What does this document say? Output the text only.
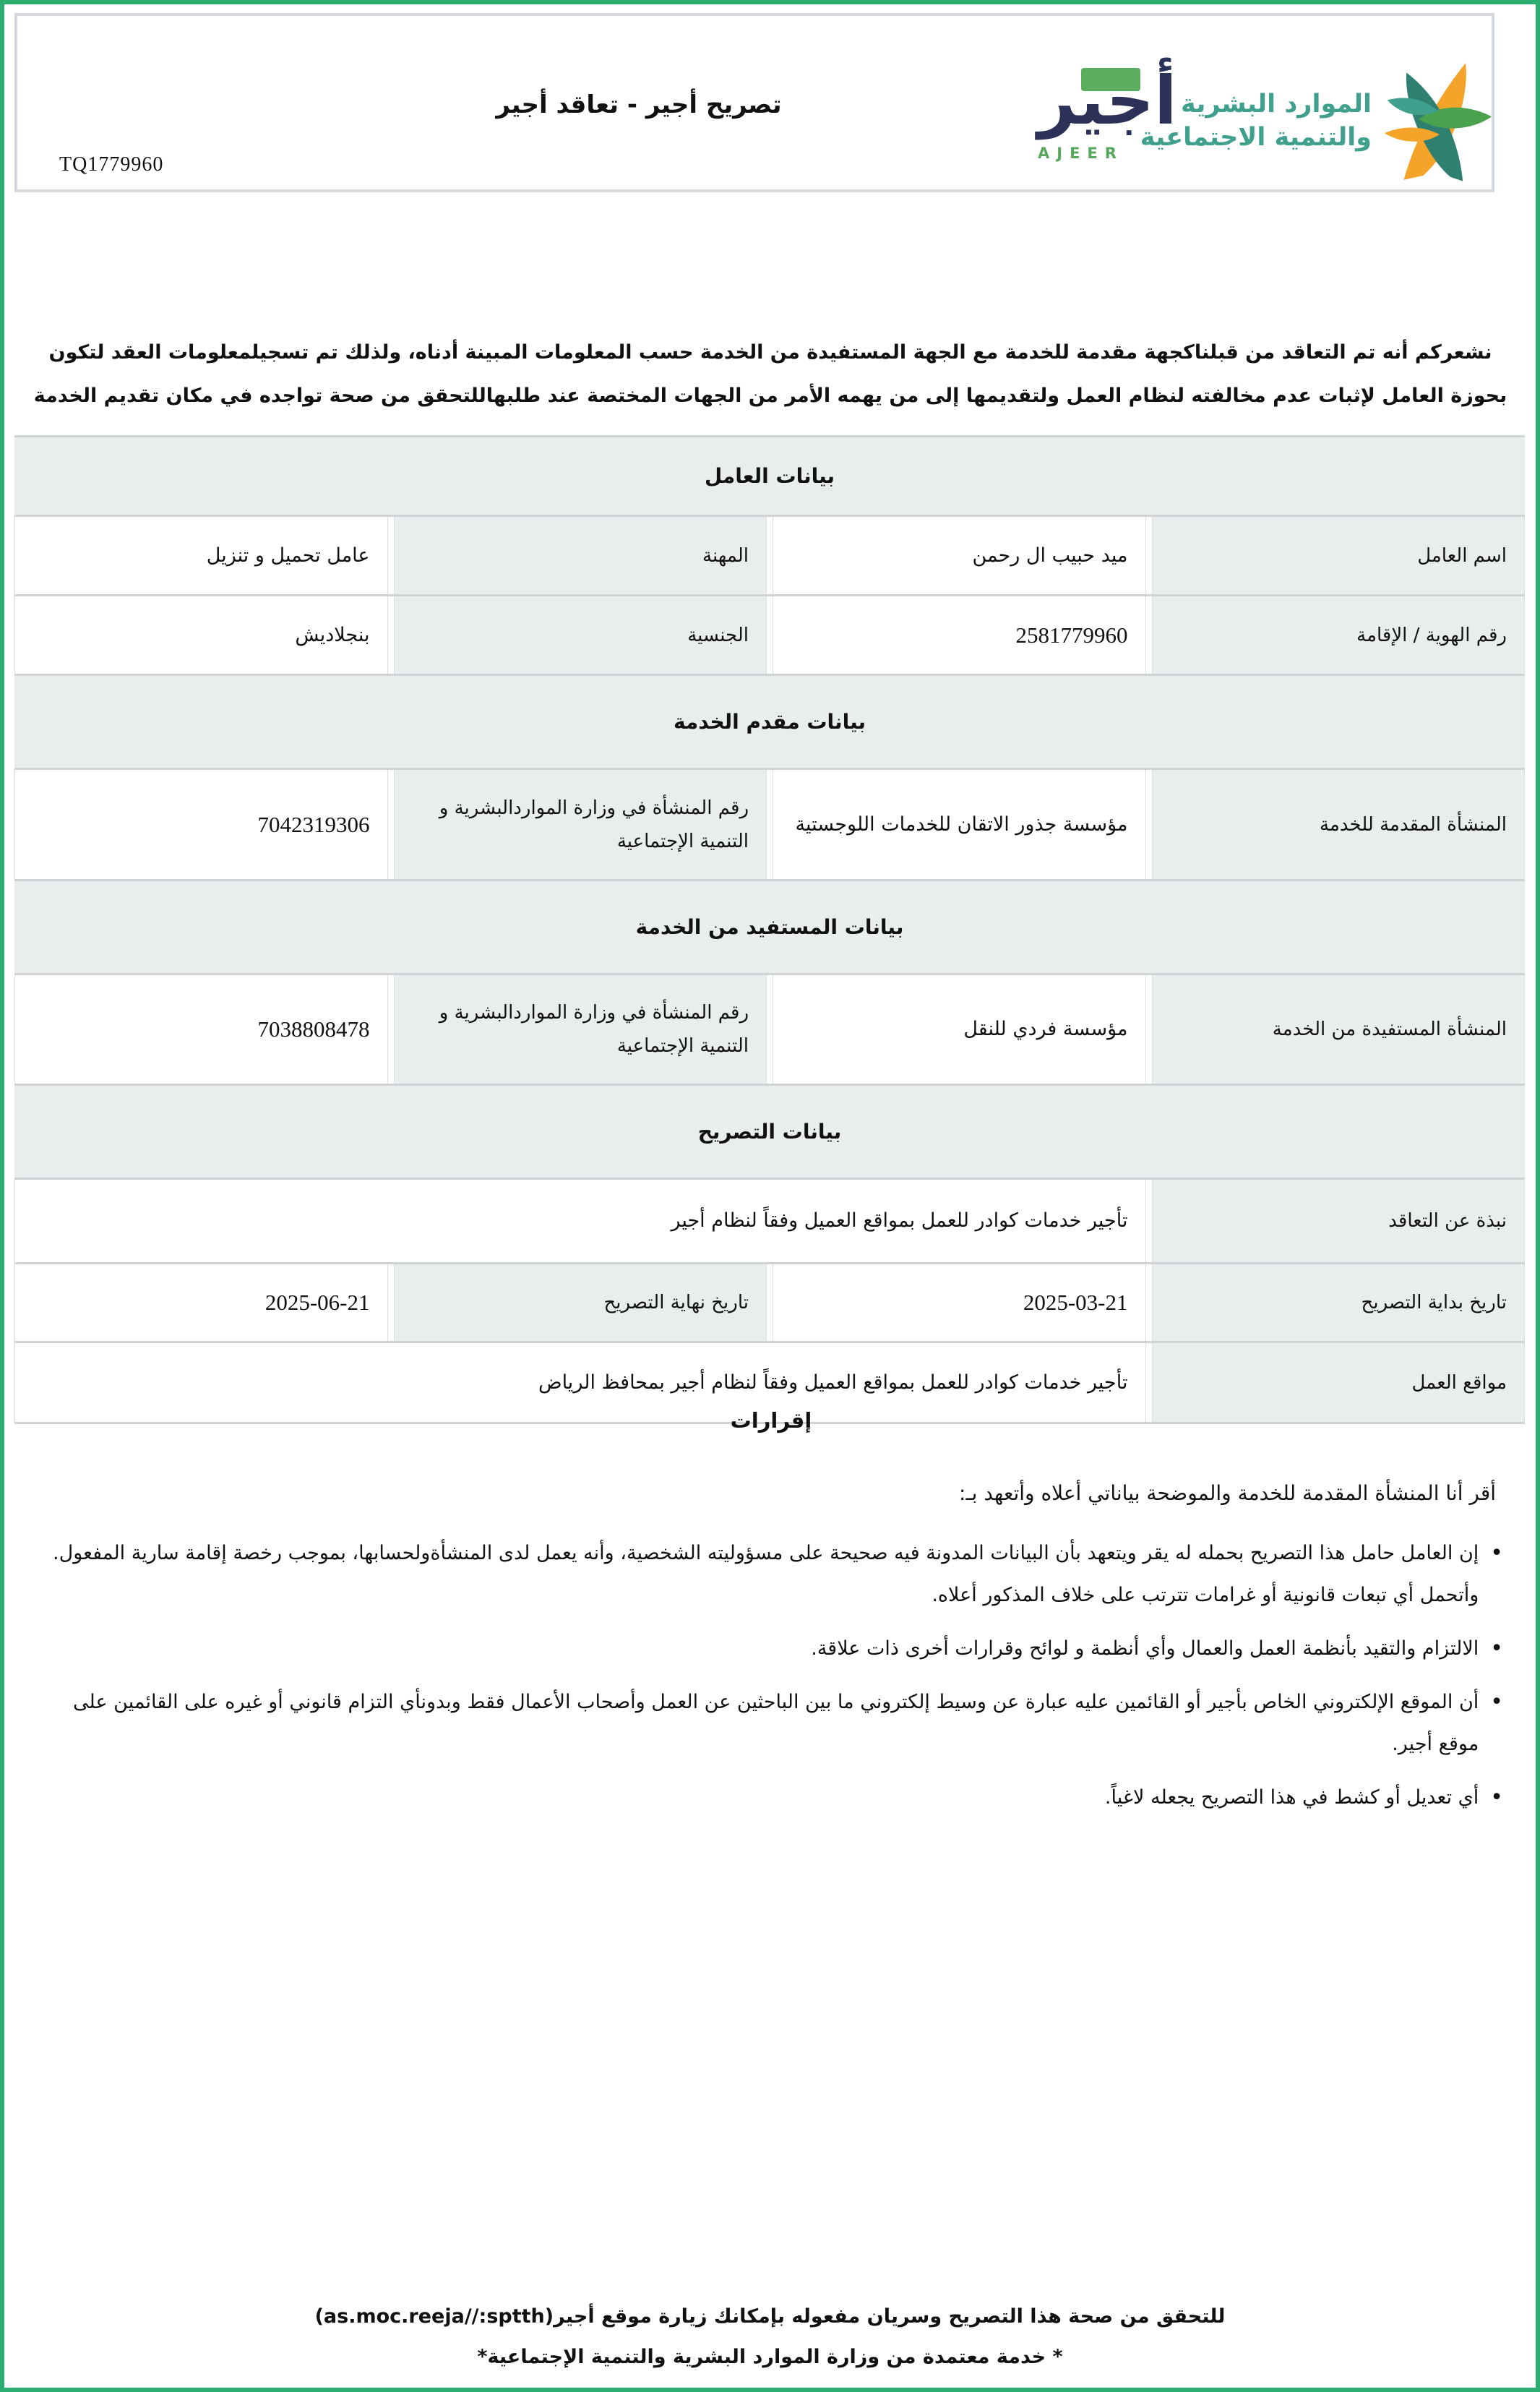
TQ1779960
تصريح أجير - تعاقد أجير	أجير
AJEER
الموارد البشرية
والتنمية الاجتماعية
نشعركم أنه تم التعاقد من قبلناكجهة مقدمة للخدمة مع الجهة المستفيدة من الخدمة حسب المعلومات المبينة أدناه، ولذلك تم تسجيلمعلومات العقد لتكون بحوزة العامل لإثبات عدم مخالفته لنظام العمل ولتقديمها إلى من يهمه الأمر من الجهات المختصة عند طلبهاللتحقق من صحة تواجده في مكان تقديم الخدمة
بيانات العامل
اسم العامل
ميد حبيب ال رحمن
المهنة
عامل تحميل و تنزيل
رقم الهوية / الإقامة
2581779960
الجنسية
بنجلاديش
بيانات مقدم الخدمة
المنشأة المقدمة للخدمة
مؤسسة جذور الاتقان للخدمات اللوجستية
رقم المنشأة في وزارة المواردالبشرية و التنمية الإجتماعية
7042319306
بيانات المستفيد من الخدمة
المنشأة المستفيدة من الخدمة
مؤسسة فردي للنقل
رقم المنشأة في وزارة المواردالبشرية و التنمية الإجتماعية
7038808478
بيانات التصريح
نبذة عن التعاقد
تأجير خدمات كوادر للعمل بمواقع العميل وفقاً لنظام أجير
تاريخ بداية التصريح
2025-03-21
تاريخ نهاية التصريح
2025-06-21
مواقع العمل
تأجير خدمات كوادر للعمل بمواقع العميل وفقاً لنظام أجير بمحافظ الرياض
إقرارات
أقر أنا المنشأة المقدمة للخدمة والموضحة بياناتي أعلاه وأتعهد بـ:
•
إن العامل حامل هذا التصريح بحمله له يقر ويتعهد بأن البيانات المدونة فيه صحيحة على مسؤوليته الشخصية، وأنه يعمل لدى المنشأةولحسابها، بموجب رخصة إقامة سارية المفعول. وأتحمل أي تبعات قانونية أو غرامات تترتب على خلاف المذكور أعلاه.
•
الالتزام والتقيد بأنظمة العمل والعمال وأي أنظمة و لوائح وقرارات أخرى ذات علاقة.
•
أن الموقع الإلكتروني الخاص بأجير أو القائمين عليه عبارة عن وسيط إلكتروني ما بين الباحثين عن العمل وأصحاب الأعمال فقط وبدونأي التزام قانوني أو غيره على القائمين على موقع أجير.
•
أي تعديل أو كشط في هذا التصريح يجعله لاغياً.
للتحقق من صحة هذا التصريح وسريان مفعوله بإمكانك زيارة موقع أجير(as.moc.reeja//:sptth)
* خدمة معتمدة من وزارة الموارد البشرية والتنمية الإجتماعية*
